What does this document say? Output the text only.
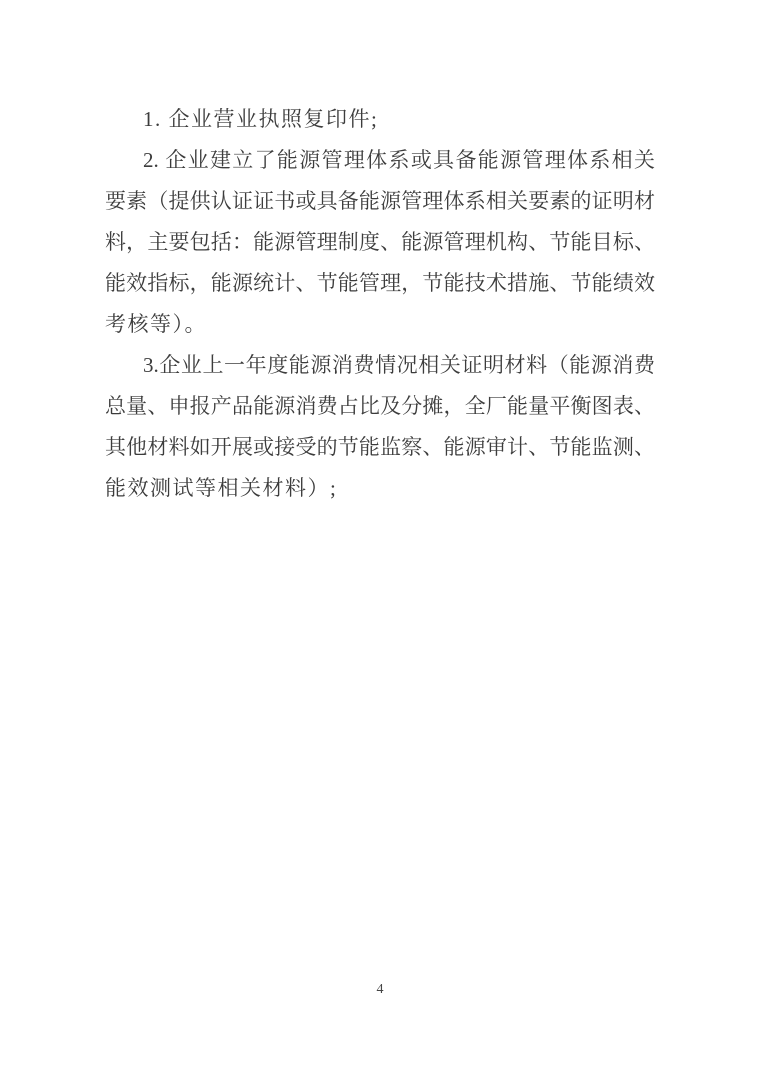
1. 企业营业执照复印件;

2. 企业建立了能源管理体系或具备能源管理体系相关

要素（提供认证证书或具备能源管理体系相关要素的证明材

料，主要包括：能源管理制度、能源管理机构、节能目标、

能效指标，能源统计、节能管理，节能技术措施、节能绩效

考核等）。

3.企业上一年度能源消费情况相关证明材料（能源消费

总量、申报产品能源消费占比及分摊，全厂能量平衡图表、

其他材料如开展或接受的节能监察、能源审计、节能监测、

能效测试等相关材料）;

4
